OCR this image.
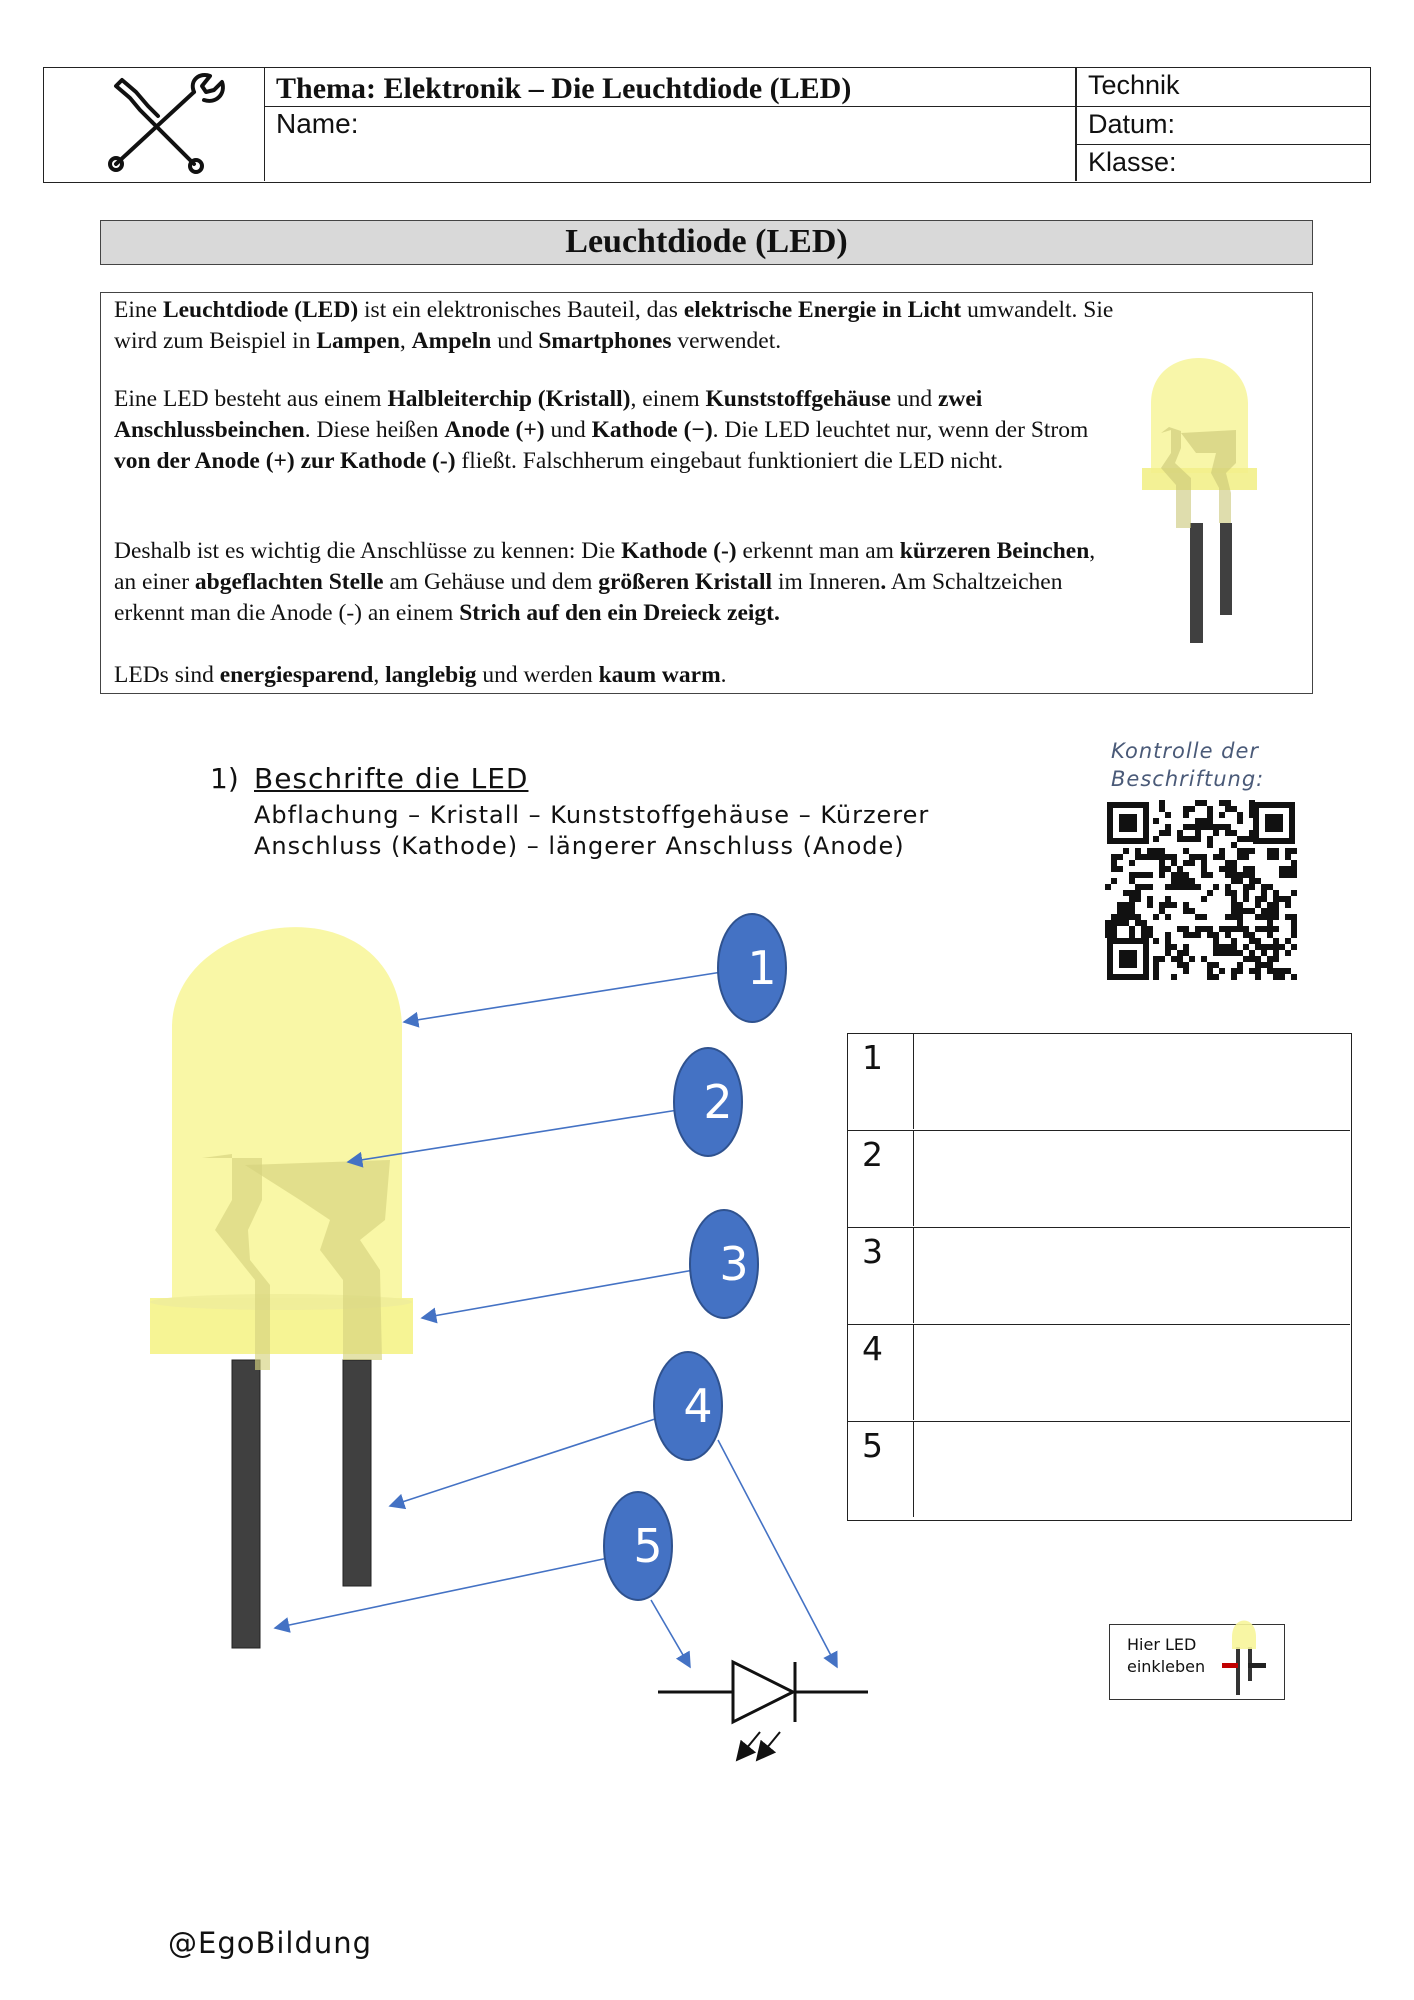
Thema: Elektronik – Die Leuchtdiode (LED)
Name:
Technik
Datum:
Klasse:
Leuchtdiode (LED)
Eine Leuchtdiode (LED) ist ein elektronisches Bauteil, das elektrische Energie in Licht umwandelt. Sie wird zum Beispiel in Lampen, Ampeln und Smartphones verwendet.
Eine LED besteht aus einem Halbleiterchip (Kristall), einem Kunststoffgehäuse und zwei Anschlussbeinchen. Diese heißen Anode (+) und Kathode (−). Die LED leuchtet nur, wenn der Strom von der Anode (+) zur Kathode (-) fließt. Falschherum eingebaut funktioniert die LED nicht.
Deshalb ist es wichtig die Anschlüsse zu kennen: Die Kathode (-) erkennt man am kürzeren Beinchen, an einer abgeflachten Stelle am Gehäuse und dem größeren Kristall im Inneren. Am Schaltzeichen erkennt man die Anode (-) an einem Strich auf den ein Dreieck zeigt.
LEDs sind energiesparend, langlebig und werden kaum warm.
1) Beschrifte die LED
Abflachung – Kristall – Kunststoffgehäuse – Kürzerer Anschluss (Kathode) – längerer Anschluss (Anode)
Kontrolle der Beschriftung:
1
2
3
4
5
1
2
3
4
5
Hier LED
einkleben
@EgoBildung
